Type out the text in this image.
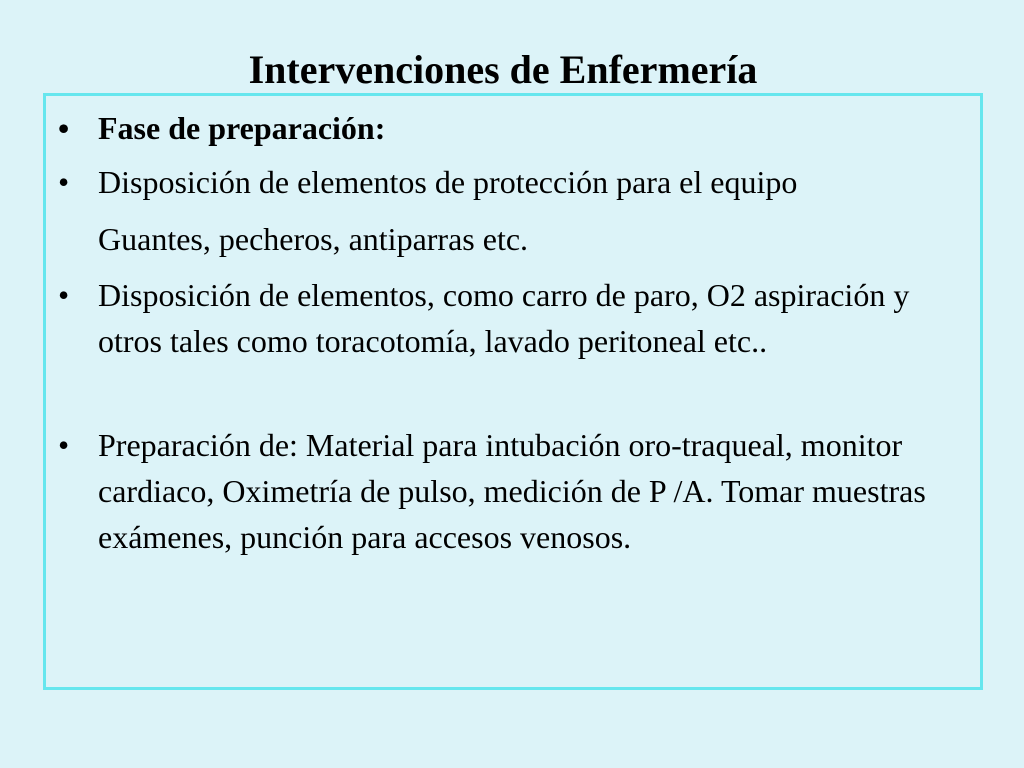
Intervenciones de Enfermería
• Fase de preparación:
• Disposición de elementos de protección para el equipo
Guantes, pecheros, antiparras etc.
• Disposición de elementos, como carro de paro, O2 aspiración y otros tales como toracotomía, lavado peritoneal etc..
• Preparación de: Material para intubación oro-traqueal, monitor cardiaco, Oximetría de pulso, medición de P /A. Tomar muestras exámenes, punción para accesos venosos.
